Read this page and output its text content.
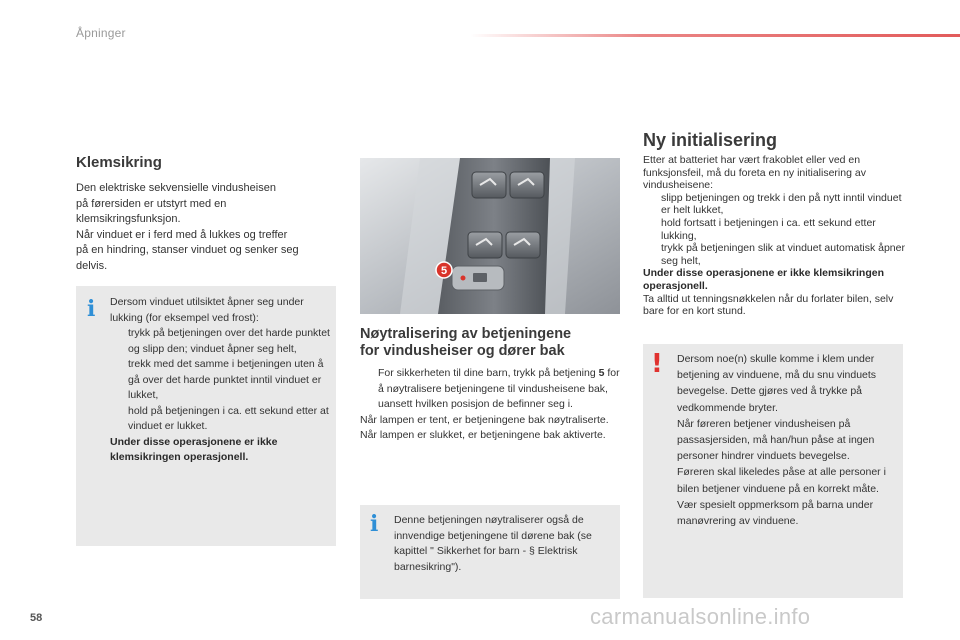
Åpninger
Klemsikring
Den elektriske sekvensielle vindusheisen
på førersiden er utstyrt med en
klemsikringsfunksjon.
Når vinduet er i ferd med å lukkes og treffer
på en hindring, stanser vinduet og senker seg
delvis.
i Dersom vinduet utilsiktet åpner seg under lukking (for eksempel ved frost):
trykk på betjeningen over det harde punktet og slipp den; vinduet åpner seg helt,
trekk med det samme i betjeningen uten å gå over det harde punktet inntil vinduet er lukket,
hold på betjeningen i ca. ett sekund etter at vinduet er lukket.
Under disse operasjonene er ikke klemsikringen operasjonell.
5
Nøytralisering av betjeningene
for vindusheiser og dører bak
For sikkerheten til dine barn, trykk på betjening 5 for å nøytralisere betjeningene til vindusheisene bak, uansett hvilken posisjon de befinner seg i.
Når lampen er tent, er betjeningene bak nøytraliserte.
Når lampen er slukket, er betjeningene bak aktiverte.
i Denne betjeningen nøytraliserer også de innvendige betjeningene til dørene bak (se kapittel " Sikkerhet for barn - § Elektrisk barnesikring").
Ny initialisering
Etter at batteriet har vært frakoblet eller ved en funksjonsfeil, må du foreta en ny initialisering av vindusheisene:
slipp betjeningen og trekk i den på nytt inntil vinduet er helt lukket,
hold fortsatt i betjeningen i ca. ett sekund etter lukking,
trykk på betjeningen slik at vinduet automatisk åpner seg helt,
Under disse operasjonene er ikke klemsikringen operasjonell.
Ta alltid ut tenningsnøkkelen når du forlater bilen, selv bare for en kort stund.
! Dersom noe(n) skulle komme i klem under betjening av vinduene, må du snu vinduets bevegelse. Dette gjøres ved å trykke på vedkommende bryter.
Når føreren betjener vindusheisen på passasjersiden, må han/hun påse at ingen personer hindrer vinduets bevegelse.
Føreren skal likeledes påse at alle personer i bilen betjener vinduene på en korrekt måte.
Vær spesielt oppmerksom på barna under manøvrering av vinduene.
58	carmanualsonline.info
